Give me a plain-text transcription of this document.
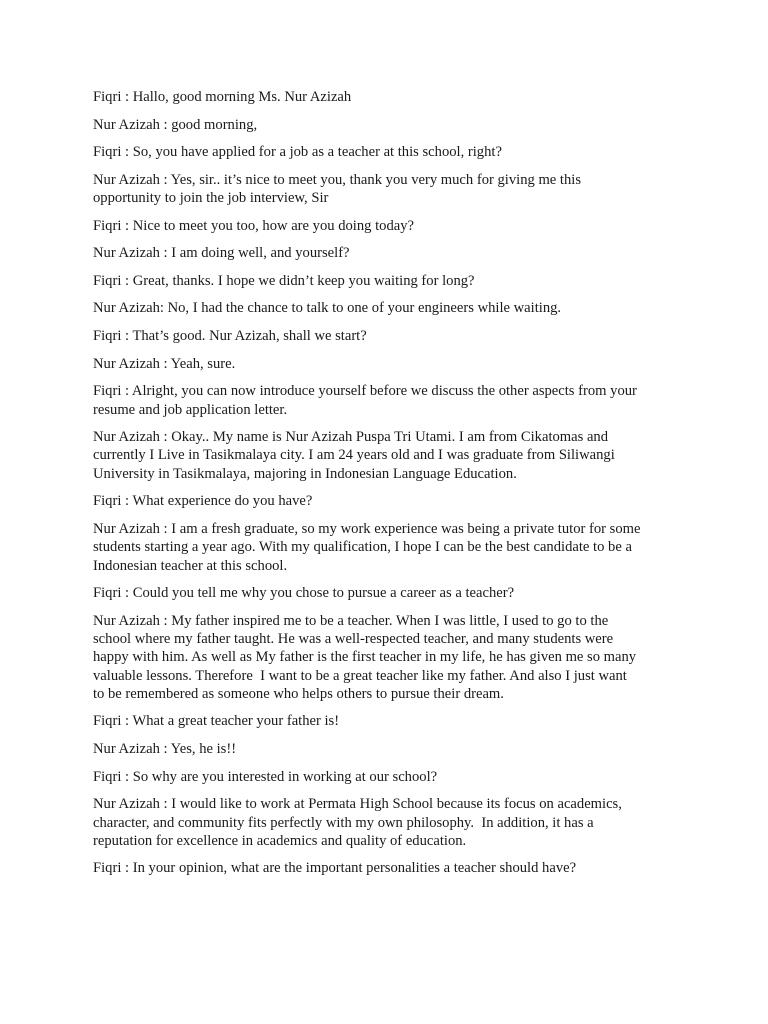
Fiqri : Hallo, good morning Ms. Nur Azizah

Nur Azizah : good morning,

Fiqri : So, you have applied for a job as a teacher at this school, right?

Nur Azizah : Yes, sir.. it’s nice to meet you, thank you very much for giving me this
opportunity to join the job interview, Sir

Fiqri : Nice to meet you too, how are you doing today?

Nur Azizah : I am doing well, and yourself?

Fiqri : Great, thanks. I hope we didn’t keep you waiting for long?

Nur Azizah: No, I had the chance to talk to one of your engineers while waiting.

Fiqri : That’s good. Nur Azizah, shall we start?

Nur Azizah : Yeah, sure.

Fiqri : Alright, you can now introduce yourself before we discuss the other aspects from your
resume and job application letter.

Nur Azizah : Okay.. My name is Nur Azizah Puspa Tri Utami. I am from Cikatomas and
currently I Live in Tasikmalaya city. I am 24 years old and I was graduate from Siliwangi
University in Tasikmalaya, majoring in Indonesian Language Education.

Fiqri : What experience do you have?

Nur Azizah : I am a fresh graduate, so my work experience was being a private tutor for some
students starting a year ago. With my qualification, I hope I can be the best candidate to be a
Indonesian teacher at this school.

Fiqri : Could you tell me why you chose to pursue a career as a teacher?

Nur Azizah : My father inspired me to be a teacher. When I was little, I used to go to the
school where my father taught. He was a well-respected teacher, and many students were
happy with him. As well as My father is the first teacher in my life, he has given me so many
valuable lessons. Therefore  I want to be a great teacher like my father. And also I just want
to be remembered as someone who helps others to pursue their dream.

Fiqri : What a great teacher your father is!

Nur Azizah : Yes, he is!!

Fiqri : So why are you interested in working at our school?

Nur Azizah : I would like to work at Permata High School because its focus on academics,
character, and community fits perfectly with my own philosophy.  In addition, it has a
reputation for excellence in academics and quality of education.

Fiqri : In your opinion, what are the important personalities a teacher should have?
